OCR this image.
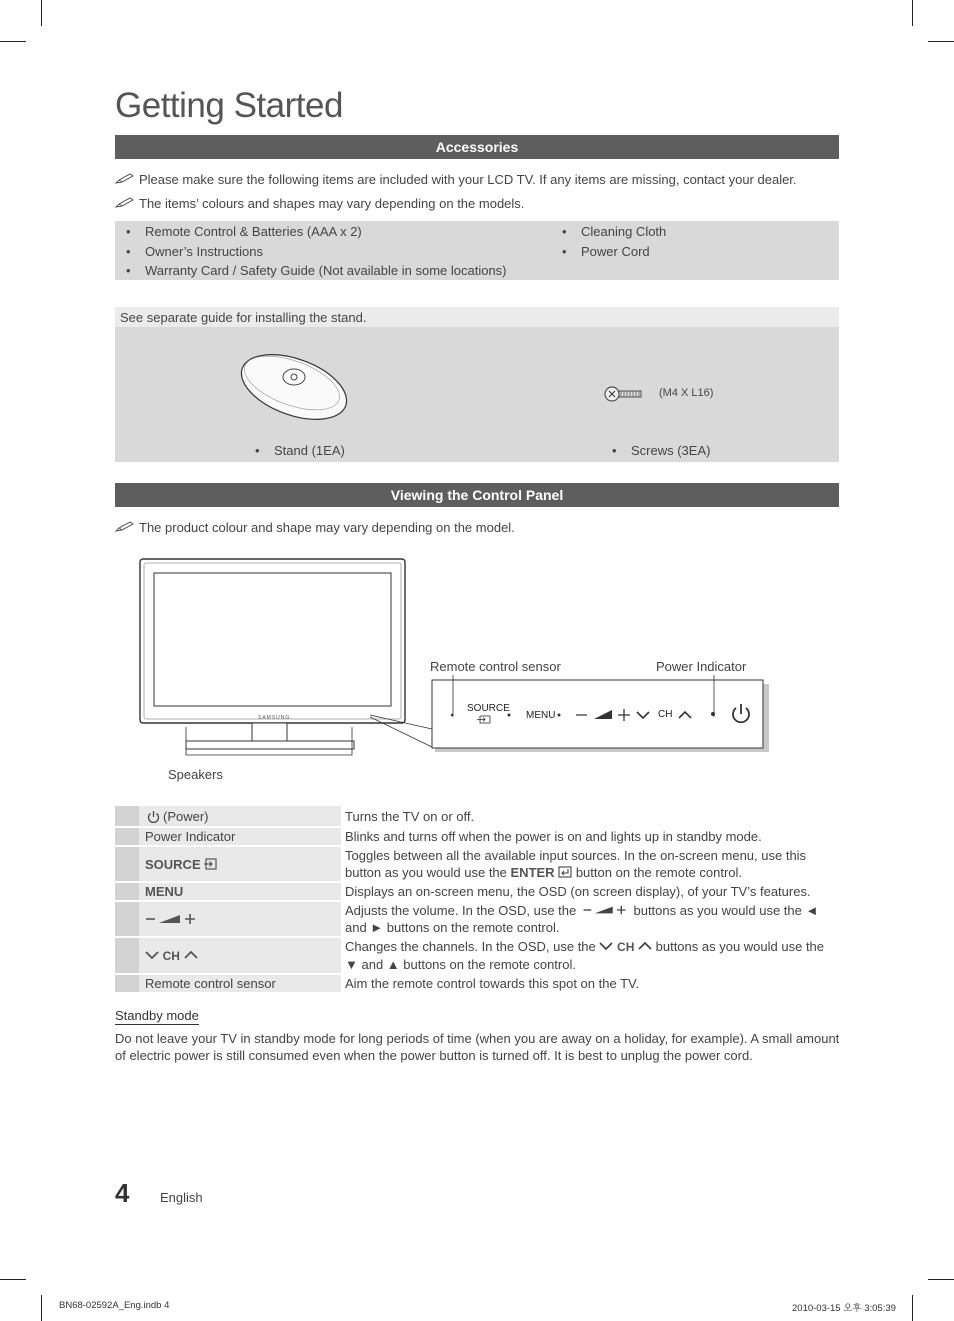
Getting Started
Accessories
Please make sure the following items are included with your LCD TV. If any items are missing, contact your dealer.
The items’ colours and shapes may vary depending on the models.
• Remote Control & Batteries (AAA x 2)
• Owner’s Instructions
• Warranty Card / Safety Guide (Not available in some locations)
• Cleaning Cloth
• Power Cord
See separate guide for installing the stand.
(M4 X L16)
• Stand (1EA)	• Screws (3EA)
Viewing the Control Panel
The product colour and shape may vary depending on the model.
SAMSUNG
Remote control sensor	Power Indicator
Speakers
SOURCE
MENU	CH
	(Power)		Turns the TV on or off.
	Power Indicator		Blinks and turns off when the power is on and lights up in standby mode.
	SOURCE		Toggles between all the available input sources. In the on-screen menu, use this button as you would use the ENTER button on the remote control.
	MENU		Displays an on-screen menu, the OSD (on screen display), of your TV’s features.
			Adjusts the volume. In the OSD, use the buttons as you would use the ◄ and ► buttons on the remote control.
	CH		Changes the channels. In the OSD, use the CH buttons as you would use the ▼ and ▲ buttons on the remote control.
	Remote control sensor		Aim the remote control towards this spot on the TV.
Standby mode
Do not leave your TV in standby mode for long periods of time (when you are away on a holiday, for example). A small amount of electric power is still consumed even when the power button is turned off. It is best to unplug the power cord.
4 English
BN68-02592A_Eng.indb 4	2010-03-15 오후 3:05:39
